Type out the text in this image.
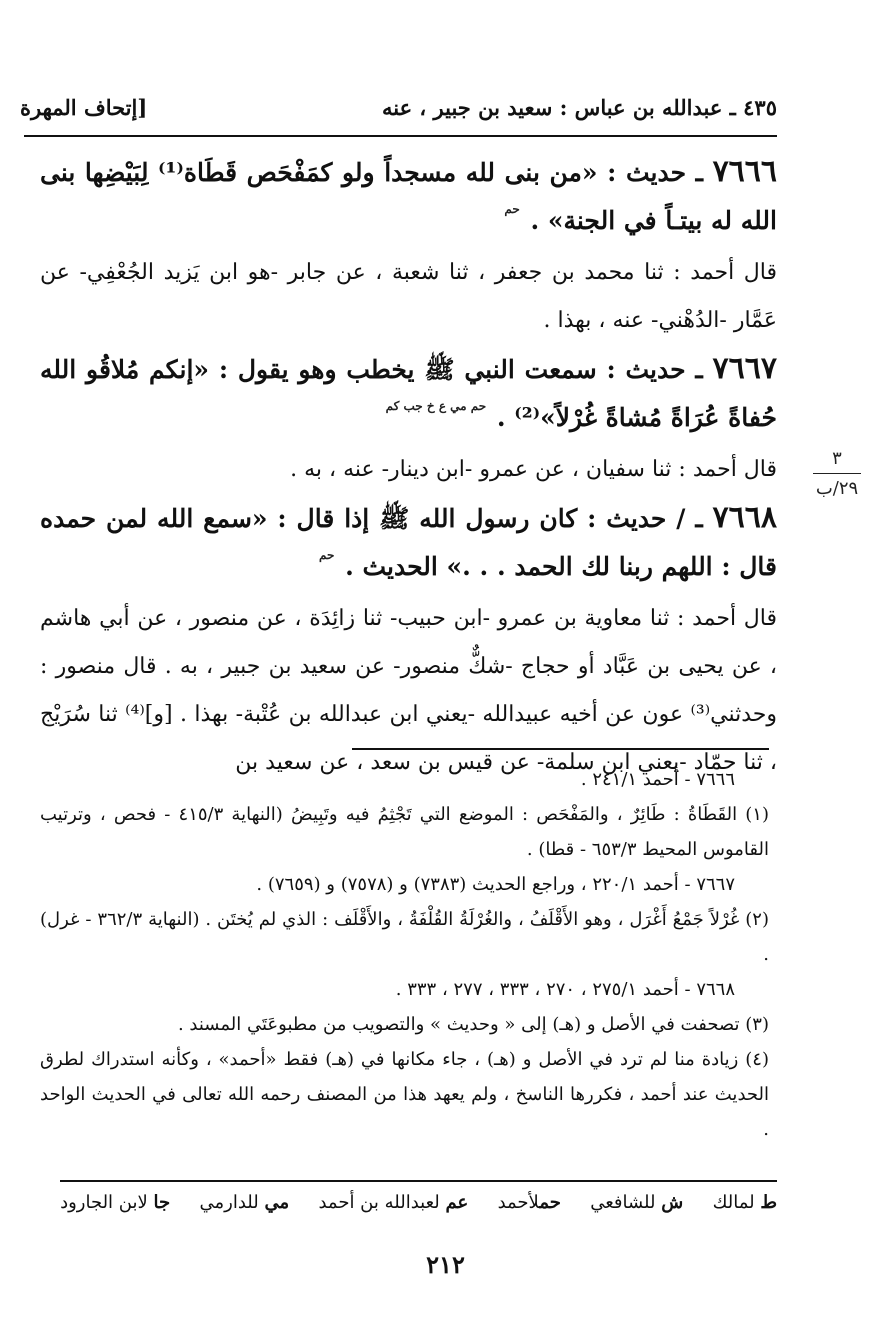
[إتحاف المهرة	٤٣٥ ـ عبدالله بن عباس : سعيد بن جبير ، عنه
٣
٢٩/ب

٧٦٦٦ ـ حديث : «من بنى لله مسجداً ولو كمَفْحَص قَطَاة⁽¹⁾ لِبَيْضِها بنى الله له بيتـاً في الجنة» . $^{حم}$

قال أحمد : ثنا محمد بن جعفر ، ثنا شعبة ، عن جابر -هو ابن يَزيد الجُعْفِي- عن عَمَّار -الدُهْني- عنه ، بهذا .

٧٦٦٧ ـ حديث : سمعت النبي ﷺ يخطب وهو يقول : «إنكم مُلاقُو الله حُفاةً عُرَاةً مُشاةً غُرْلاً»⁽²⁾ . $^{حم مي ع خ جب كم}$

قال أحمد : ثنا سفيان ، عن عمرو -ابن دينار- عنه ، به .

٧٦٦٨ ـ / حديث : كان رسول الله ﷺ إذا قال : «سمع الله لمن حمده قال : اللهم ربنا لك الحمد . . .» الحديث . $^{حم}$

قال أحمد : ثنا معاوية بن عمرو -ابن حبيب- ثنا زائِدَة ، عن منصور ، عن أبي هاشم ، عن يحيى بن عَبَّاد أو حجاج -شكٌّ منصور- عن سعيد بن جبير ، به . قال منصور : وحدثني⁽³⁾ عون عن أخيه عبيدالله -يعني ابن عبدالله بن عُتْبة- بهذا . [و]⁽⁴⁾ ثنا سُرَيْج ، ثنا حمّاد -يعني ابن سلمة- عن قيس بن سعد ، عن سعيد بن

٧٦٦٦ - أحمد ٢٤١/١ .

(١) القَطَاةُ : طَائِرٌ ، والمَفْحَص : الموضع التي تَجْثِمُ فيه وتَبِيضُ (النهاية ٤١٥/٣ - فحص ، وترتيب القاموس المحيط ٦٥٣/٣ - قطا) .

٧٦٦٧ - أحمد ٢٢٠/١ ، وراجع الحديث (٧٣٨٣) و (٧٥٧٨) و (٧٦٥٩) .

(٢) غُرْلاً جَمْعُ أَغْرَل ، وهو الأَقْلَفُ ، والغُرْلَةُ القُلْفَةُ ، والأَقْلَف : الذي لم يُختَن . (النهاية ٣٦٢/٣ - غرل) .

٧٦٦٨ - أحمد ٢٧٥/١ ، ٢٧٠ ، ٣٣٣ ، ٢٧٧ ، ٣٣٣ .

(٣) تصحفت في الأصل و (هـ) إلى « وحديث » والتصويب من مطبوعَتَي المسند .

(٤) زيادة منا لم ترد في الأصل و (هـ) ، جاء مكانها في (هـ) فقط «أحمد» ، وكأنه استدراك لطرق الحديث عند أحمد ، فكررها الناسخ ، ولم يعهد هذا من المصنف رحمه الله تعالى في الحديث الواحد .

ط لمالك
ش للشافعي
حملأحمد
عم لعبدالله بن أحمد
مي للدارمي
جا لابن الجارود
٢١٢
